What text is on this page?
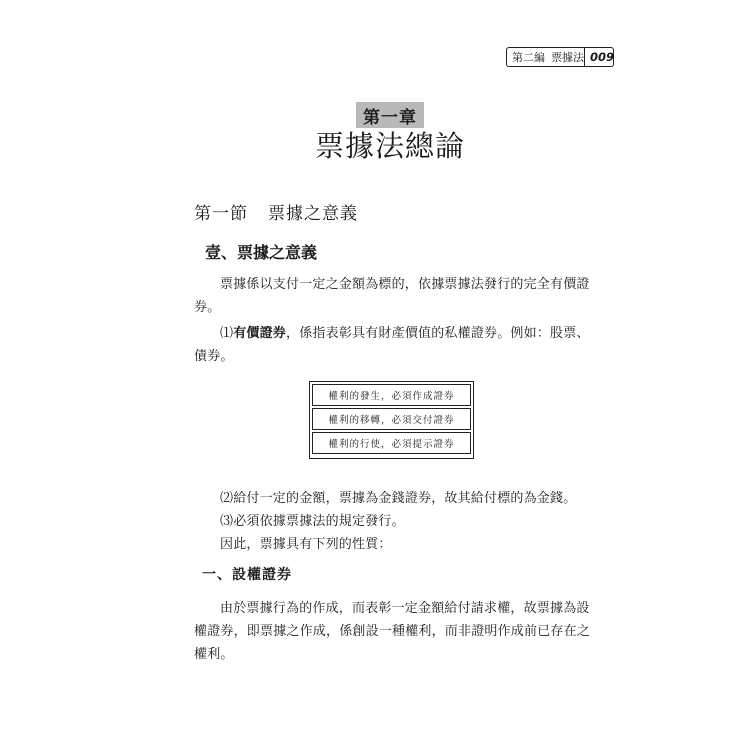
第二編 票據法 009
第一章
票據法總論
第一節 票據之意義
壹、票據之意義
票據係以支付一定之金額為標的，依據票據法發行的完全有價證
券。
⑴有價證券，係指表彰具有財產價值的私權證券。例如：股票、
債券。
權利的發生，必須作成證券
權利的移轉，必須交付證券
權利的行使，必須提示證券
⑵給付一定的金額，票據為金錢證券，故其給付標的為金錢。
⑶必須依據票據法的規定發行。
因此，票據具有下列的性質：
一、設權證券
由於票據行為的作成，而表彰一定金額給付請求權，故票據為設
權證券，即票據之作成，係創設一種權利，而非證明作成前已存在之
權利。
